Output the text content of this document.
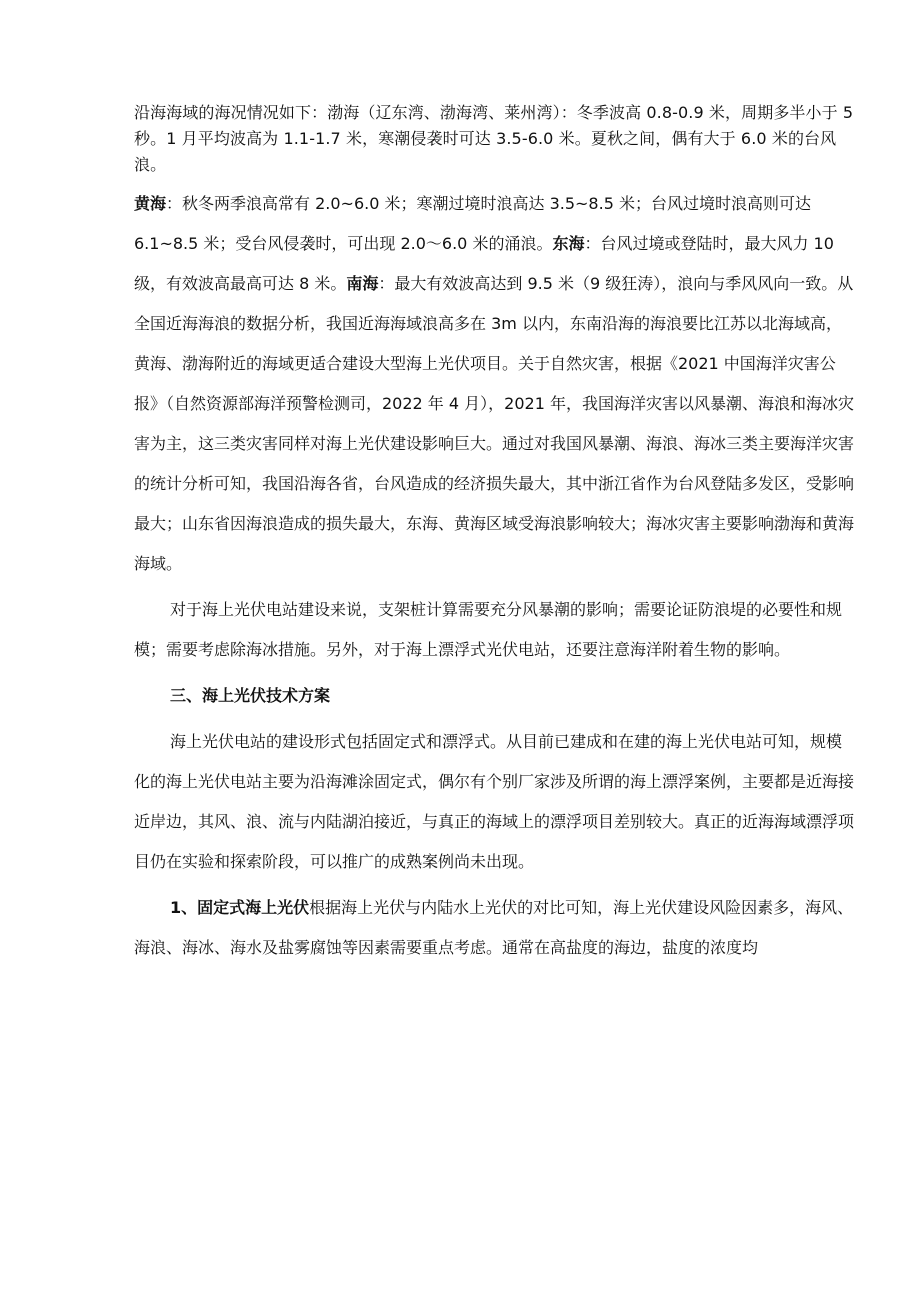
沿海海域的海况情况如下：渤海（辽东湾、渤海湾、莱州湾）：冬季波高 0.8-0.9 米，周期多半小于 5 秒。1 月平均波高为 1.1-1.7 米，寒潮侵袭时可达 3.5-6.0 米。夏秋之间，偶有大于 6.0 米的台风浪。

黄海：秋冬两季浪高常有 2.0~6.0 米；寒潮过境时浪高达 3.5~8.5 米；台风过境时浪高则可达 6.1~8.5 米；受台风侵袭时，可出现 2.0～6.0 米的涌浪。东海：台风过境或登陆时，最大风力 10 级，有效波高最高可达 8 米。南海：最大有效波高达到 9.5 米（9 级狂涛），浪向与季风风向一致。从全国近海海浪的数据分析，我国近海海域浪高多在 3m 以内，东南沿海的海浪要比江苏以北海域高，黄海、渤海附近的海域更适合建设大型海上光伏项目。关于自然灾害，根据《2021 中国海洋灾害公报》（自然资源部海洋预警检测司，2022 年 4 月），2021 年，我国海洋灾害以风暴潮、海浪和海冰灾害为主，这三类灾害同样对海上光伏建设影响巨大。通过对我国风暴潮、海浪、海冰三类主要海洋灾害的统计分析可知，我国沿海各省，台风造成的经济损失最大，其中浙江省作为台风登陆多发区，受影响最大；山东省因海浪造成的损失最大，东海、黄海区域受海浪影响较大；海冰灾害主要影响渤海和黄海海域。

对于海上光伏电站建设来说，支架桩计算需要充分风暴潮的影响；需要论证防浪堤的必要性和规模；需要考虑除海冰措施。另外，对于海上漂浮式光伏电站，还要注意海洋附着生物的影响。

三、海上光伏技术方案

海上光伏电站的建设形式包括固定式和漂浮式。从目前已建成和在建的海上光伏电站可知，规模化的海上光伏电站主要为沿海滩涂固定式，偶尔有个别厂家涉及所谓的海上漂浮案例，主要都是近海接近岸边，其风、浪、流与内陆湖泊接近，与真正的海域上的漂浮项目差别较大。真正的近海海域漂浮项目仍在实验和探索阶段，可以推广的成熟案例尚未出现。

1、固定式海上光伏根据海上光伏与内陆水上光伏的对比可知，海上光伏建设风险因素多，海风、海浪、海冰、海水及盐雾腐蚀等因素需要重点考虑。通常在高盐度的海边，盐度的浓度均
